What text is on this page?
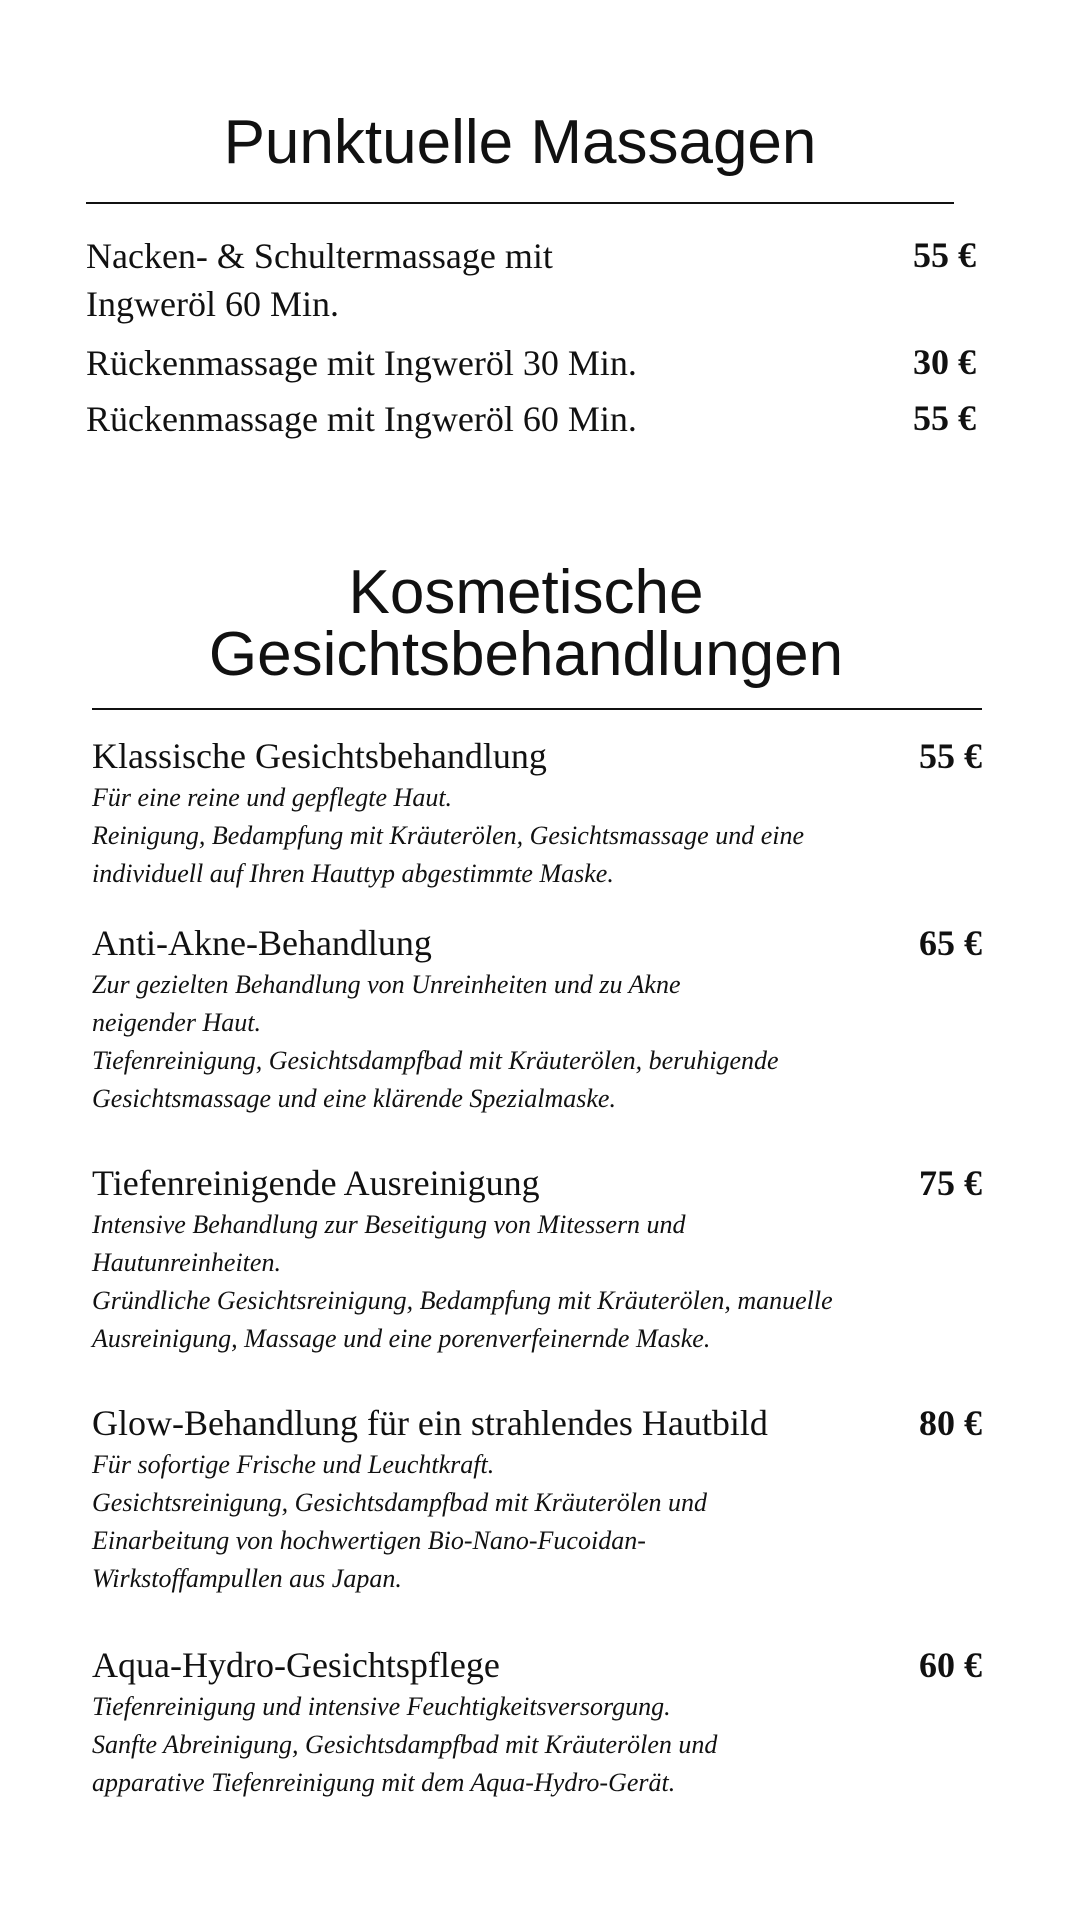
Punktuelle Massagen
Nacken- & Schultermassage mit Ingweröl 60 Min.
55 €
Rückenmassage mit Ingweröl 30 Min.	30 €
Rückenmassage mit Ingweröl 60 Min.	55 €
Kosmetische
Gesichtsbehandlungen
Klassische Gesichtsbehandlung	55 €
Für eine reine und gepflegte Haut.
Reinigung, Bedampfung mit Kräuterölen, Gesichtsmassage und eine individuell auf Ihren Hauttyp abgestimmte Maske.
Anti-Akne-Behandlung	65 €
Zur gezielten Behandlung von Unreinheiten und zu Akne neigender Haut.
Tiefenreinigung, Gesichtsdampfbad mit Kräuterölen, beruhigende Gesichtsmassage und eine klärende Spezialmaske.
Tiefenreinigende Ausreinigung	75 €
Intensive Behandlung zur Beseitigung von Mitessern und Hautunreinheiten.
Gründliche Gesichtsreinigung, Bedampfung mit Kräuterölen, manuelle Ausreinigung, Massage und eine porenverfeinernde Maske.
Glow-Behandlung für ein strahlendes Hautbild	80 €
Für sofortige Frische und Leuchtkraft.
Gesichtsreinigung, Gesichtsdampfbad mit Kräuterölen und Einarbeitung von hochwertigen Bio-Nano-Fucoidan-Wirkstoffampullen aus Japan.
Aqua-Hydro-Gesichtspflege	60 €
Tiefenreinigung und intensive Feuchtigkeitsversorgung.
Sanfte Abreinigung, Gesichtsdampfbad mit Kräuterölen und apparative Tiefenreinigung mit dem Aqua-Hydro-Gerät.
